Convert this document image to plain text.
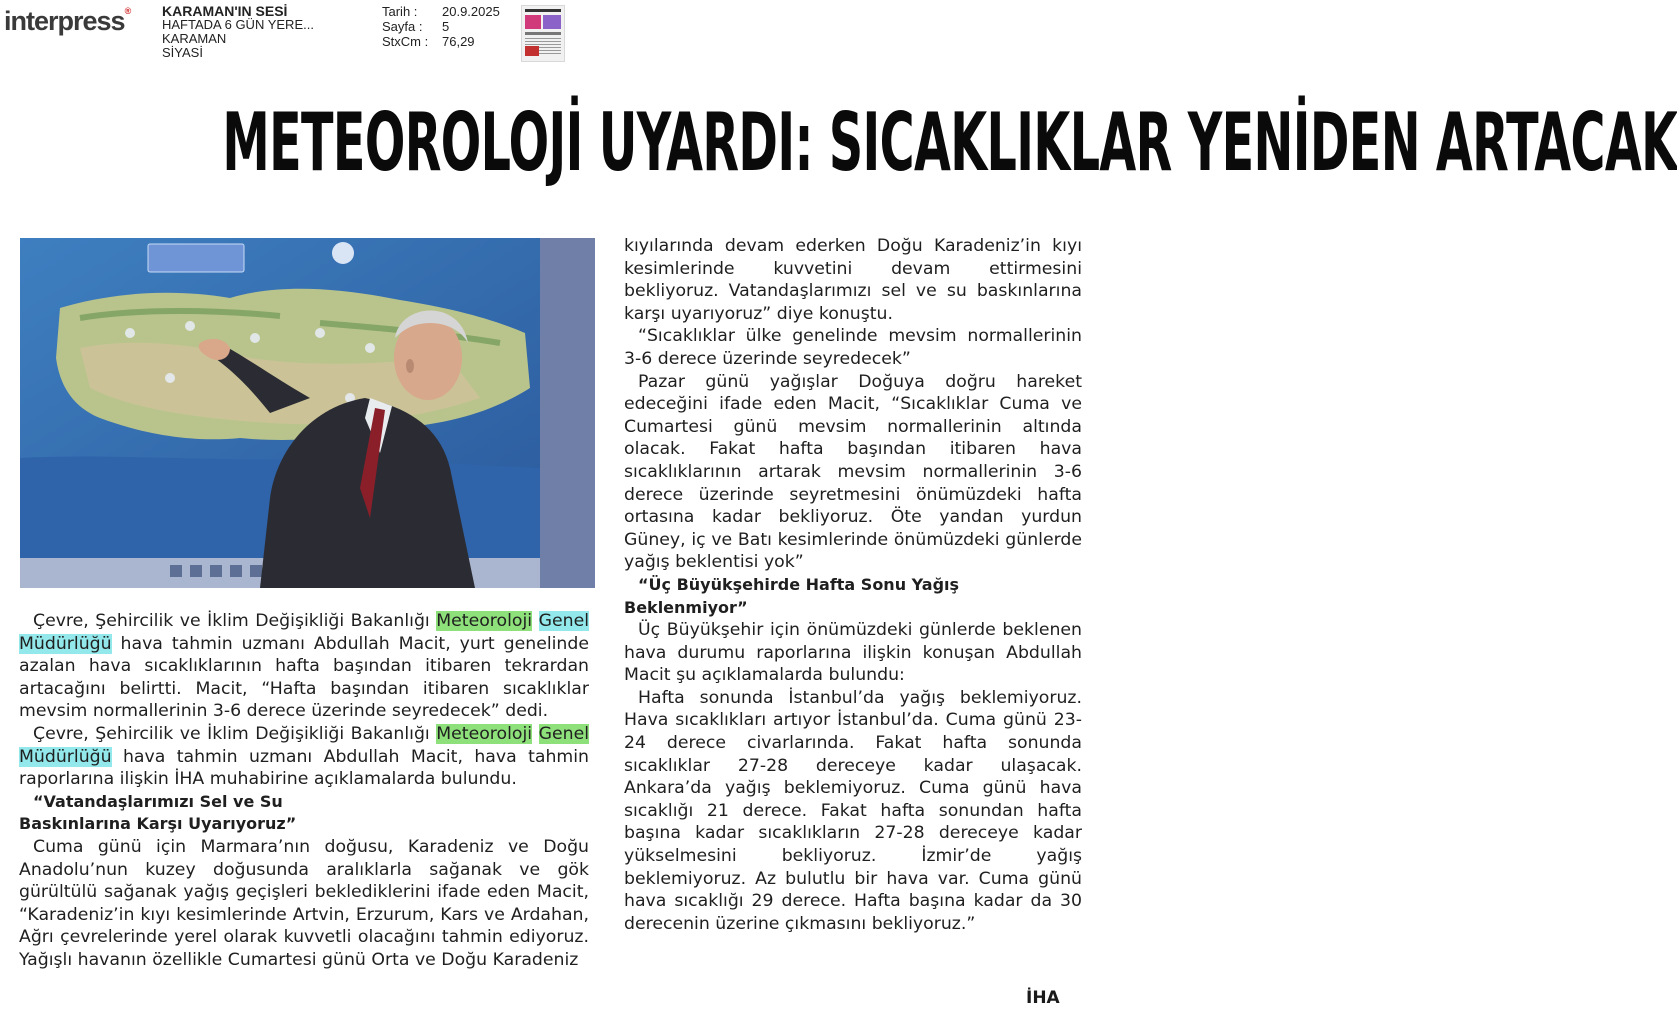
interpress® KARAMAN'IN SESİ
HAFTADA 6 GÜN YERE...
KARAMAN
SİYASİ
Tarih :	20.9.2025
Sayfa :	5
StxCm :	76,29
METEOROLOJİ UYARDI: SICAKLIKLAR YENİDEN ARTACAK

Çevre, Şehircilik ve İklim Değişikliği Bakanlığı Meteoroloji Genel Müdürlüğü hava tahmin uzmanı Abdullah Macit, yurt genelinde azalan hava sıcaklıklarının hafta başından itibaren tekrardan artacağını belirtti. Macit, “Hafta başından itibaren sıcaklıklar mevsim normallerinin 3-6 derece üzerinde seyredecek” dedi.

Çevre, Şehircilik ve İklim Değişikliği Bakanlığı Meteoroloji Genel Müdürlüğü hava tahmin uzmanı Abdullah Macit, hava tahmin raporlarına ilişkin İHA muhabirine açıklamalarda bulundu.

“Vatandaşlarımızı Sel ve Su
Baskınlarına Karşı Uyarıyoruz”

Cuma günü için Marmara’nın doğusu, Karadeniz ve Doğu Anadolu’nun kuzey doğusunda aralıklarla sağanak ve gök gürültülü sağanak yağış geçişleri beklediklerini ifade eden Macit, “Karadeniz’in kıyı kesimlerinde Artvin, Erzurum, Kars ve Ardahan, Ağrı çevrelerinde yerel olarak kuvvetli olacağını tahmin ediyoruz. Yağışlı havanın özellikle Cumartesi günü Orta ve Doğu Karadeniz

kıyılarında devam ederken Doğu Karadeniz’in kıyı kesimlerinde kuvvetini devam ettirmesini bekliyoruz. Vatandaşlarımızı sel ve su baskınlarına karşı uyarıyoruz” diye konuştu.

“Sıcaklıklar ülke genelinde mevsim normallerinin 3-6 derece üzerinde seyredecek”

Pazar günü yağışlar Doğuya doğru hareket edeceğini ifade eden Macit, “Sıcaklıklar Cuma ve Cumartesi günü mevsim normallerinin altında olacak. Fakat hafta başından itibaren hava sıcaklıklarının artarak mevsim normallerinin 3-6 derece üzerinde seyretmesini önümüzdeki hafta ortasına kadar bekliyoruz. Öte yandan yurdun Güney, iç ve Batı kesimlerinde önümüzdeki günlerde yağış beklentisi yok”

“Üç Büyükşehirde Hafta Sonu Yağış Beklenmiyor”

Üç Büyükşehir için önümüzdeki günlerde beklenen hava durumu raporlarına ilişkin konuşan Abdullah Macit şu açıklamalarda bulundu:

Hafta sonunda İstanbul’da yağış beklemiyoruz. Hava sıcaklıkları artıyor İstanbul’da. Cuma günü 23-24 derece civarlarında. Fakat hafta sonunda sıcaklıklar 27-28 dereceye kadar ulaşacak. Ankara’da yağış beklemiyoruz. Cuma günü hava sıcaklığı 21 derece. Fakat hafta sonundan hafta başına kadar sıcaklıkların 27-28 dereceye kadar yükselmesini bekliyoruz. İzmir’de yağış beklemiyoruz. Az bulutlu bir hava var. Cuma günü hava sıcaklığı 29 derece. Hafta başına kadar da 30 derecenin üzerine çıkmasını bekliyoruz.”

İHA
